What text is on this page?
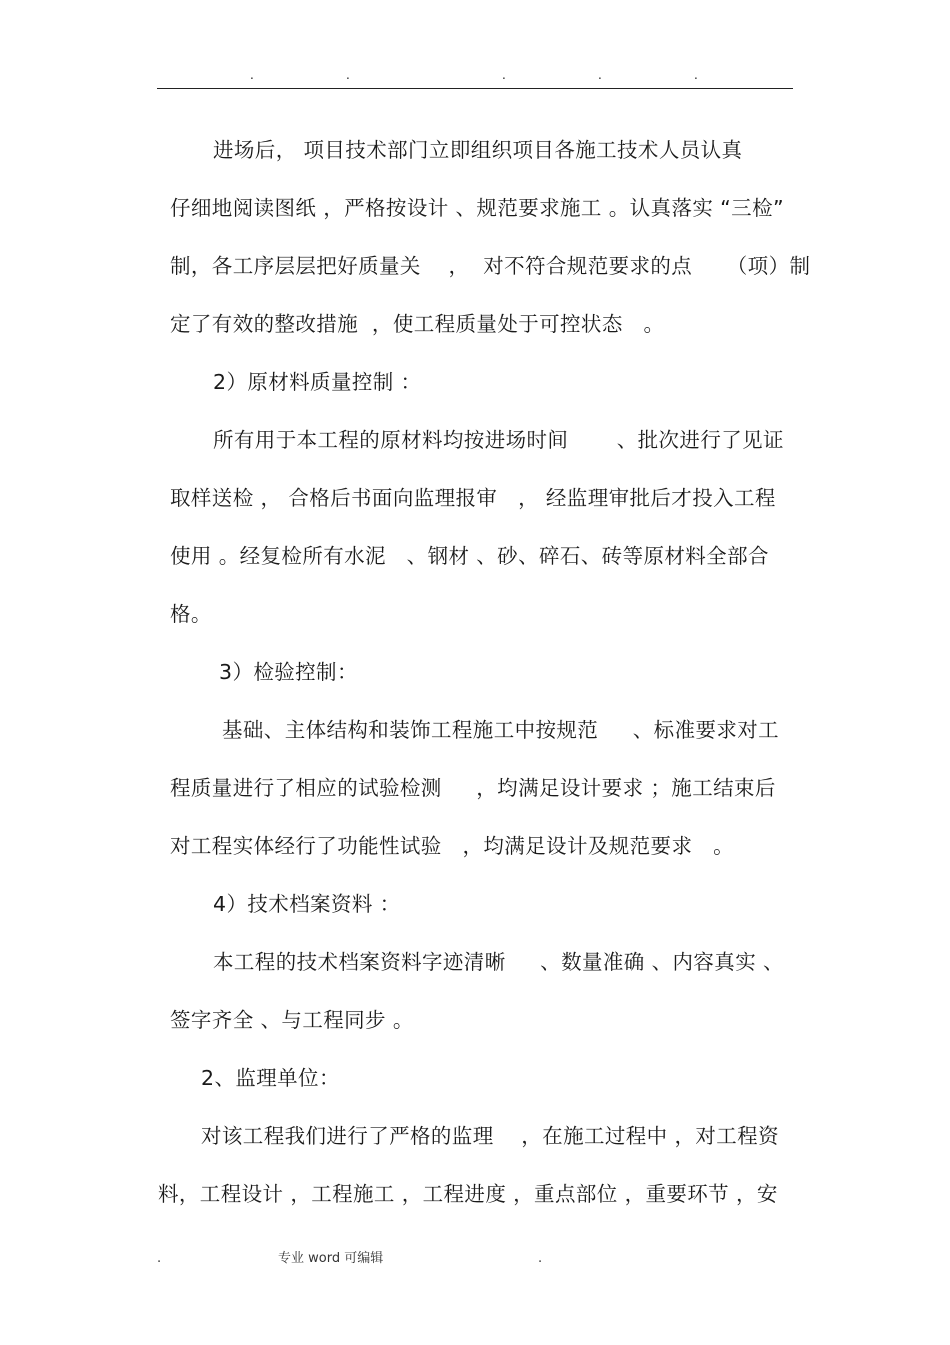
.	.	.	.	.
进场后， 项目技术部门立即组织项目各施工技术人员认真
仔细地阅读图纸 ，严格按设计 、规范要求施工 。认真落实 “三检”
制，各工序层层把好质量关    ，  对不符合规范要求的点     （项）制
定了有效的整改措施  ，使工程质量处于可控状态   。
2）原材料质量控制 ：
所有用于本工程的原材料均按进场时间       、批次进行了见证
取样送检 ， 合格后书面向监理报审   ， 经监理审批后才投入工程
使用 。经复检所有水泥   、钢材 、砂、碎石、砖等原材料全部合
格。
3）检验控制：
基础、主体结构和装饰工程施工中按规范     、标准要求对工
程质量进行了相应的试验检测     ，均满足设计要求 ；施工结束后
对工程实体经行了功能性试验   ，均满足设计及规范要求   。
4）技术档案资料 ：
本工程的技术档案资料字迹清晰     、数量准确 、内容真实 、
签字齐全 、与工程同步 。
2、监理单位：
对该工程我们进行了严格的监理    ，在施工过程中 ，对工程资
料，工程设计 ，工程施工 ，工程进度 ，重点部位 ，重要环节 ，安
.	专业 word 可编辑	.
